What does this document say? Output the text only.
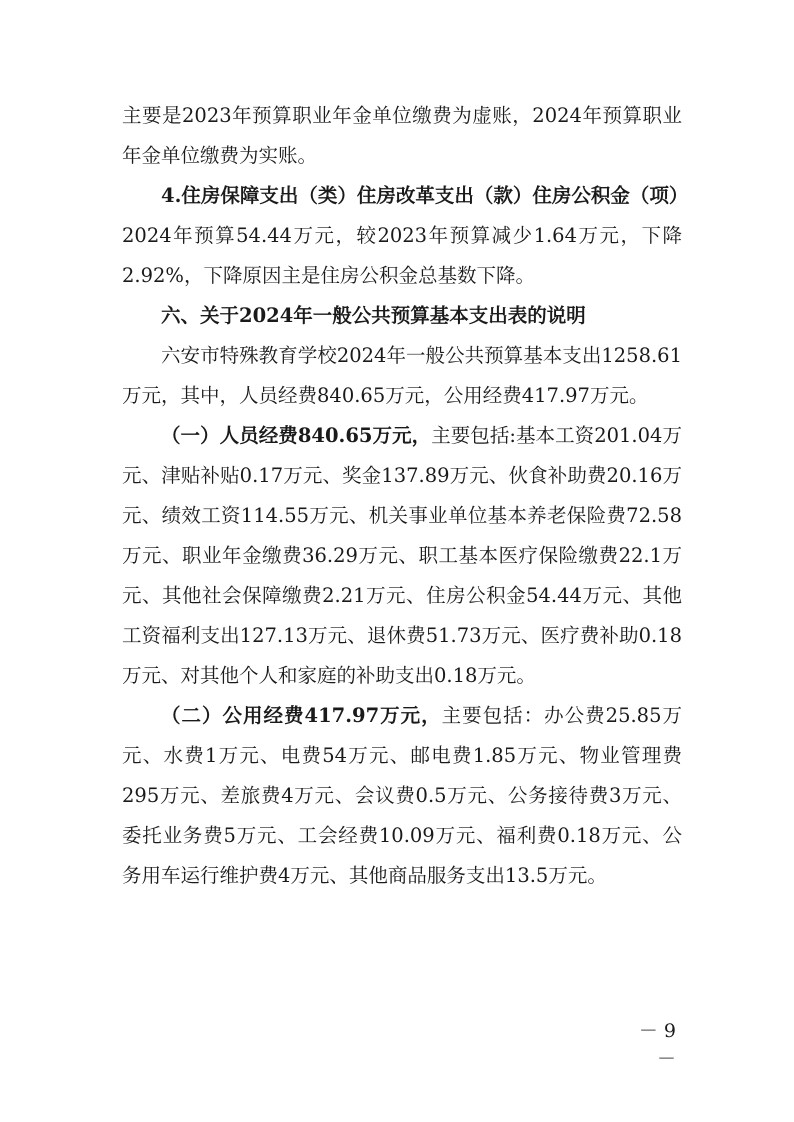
主要是2023年预算职业年金单位缴费为虚账，2024年预算职业年金单位缴费为实账。

4.住房保障支出（类）住房改革支出（款）住房公积金（项）2024年预算54.44万元，较2023年预算减少1.64万元，下降2.92%，下降原因主是住房公积金总基数下降。

六、关于2024年一般公共预算基本支出表的说明

六安市特殊教育学校2024年一般公共预算基本支出1258.61万元，其中，人员经费840.65万元，公用经费417.97万元。

（一）人员经费840.65万元，主要包括:基本工资201.04万元、津贴补贴0.17万元、奖金137.89万元、伙食补助费20.16万元、绩效工资114.55万元、机关事业单位基本养老保险费72.58万元、职业年金缴费36.29万元、职工基本医疗保险缴费22.1万元、其他社会保障缴费2.21万元、住房公积金54.44万元、其他工资福利支出127.13万元、退休费51.73万元、医疗费补助0.18万元、对其他个人和家庭的补助支出0.18万元。

（二）公用经费417.97万元，主要包括：办公费25.85万元、水费1万元、电费54万元、邮电费1.85万元、物业管理费295万元、差旅费4万元、会议费0.5万元、公务接待费3万元、委托业务费5万元、工会经费10.09万元、福利费0.18万元、公务用车运行维护费4万元、其他商品服务支出13.5万元。

－ 9 －
